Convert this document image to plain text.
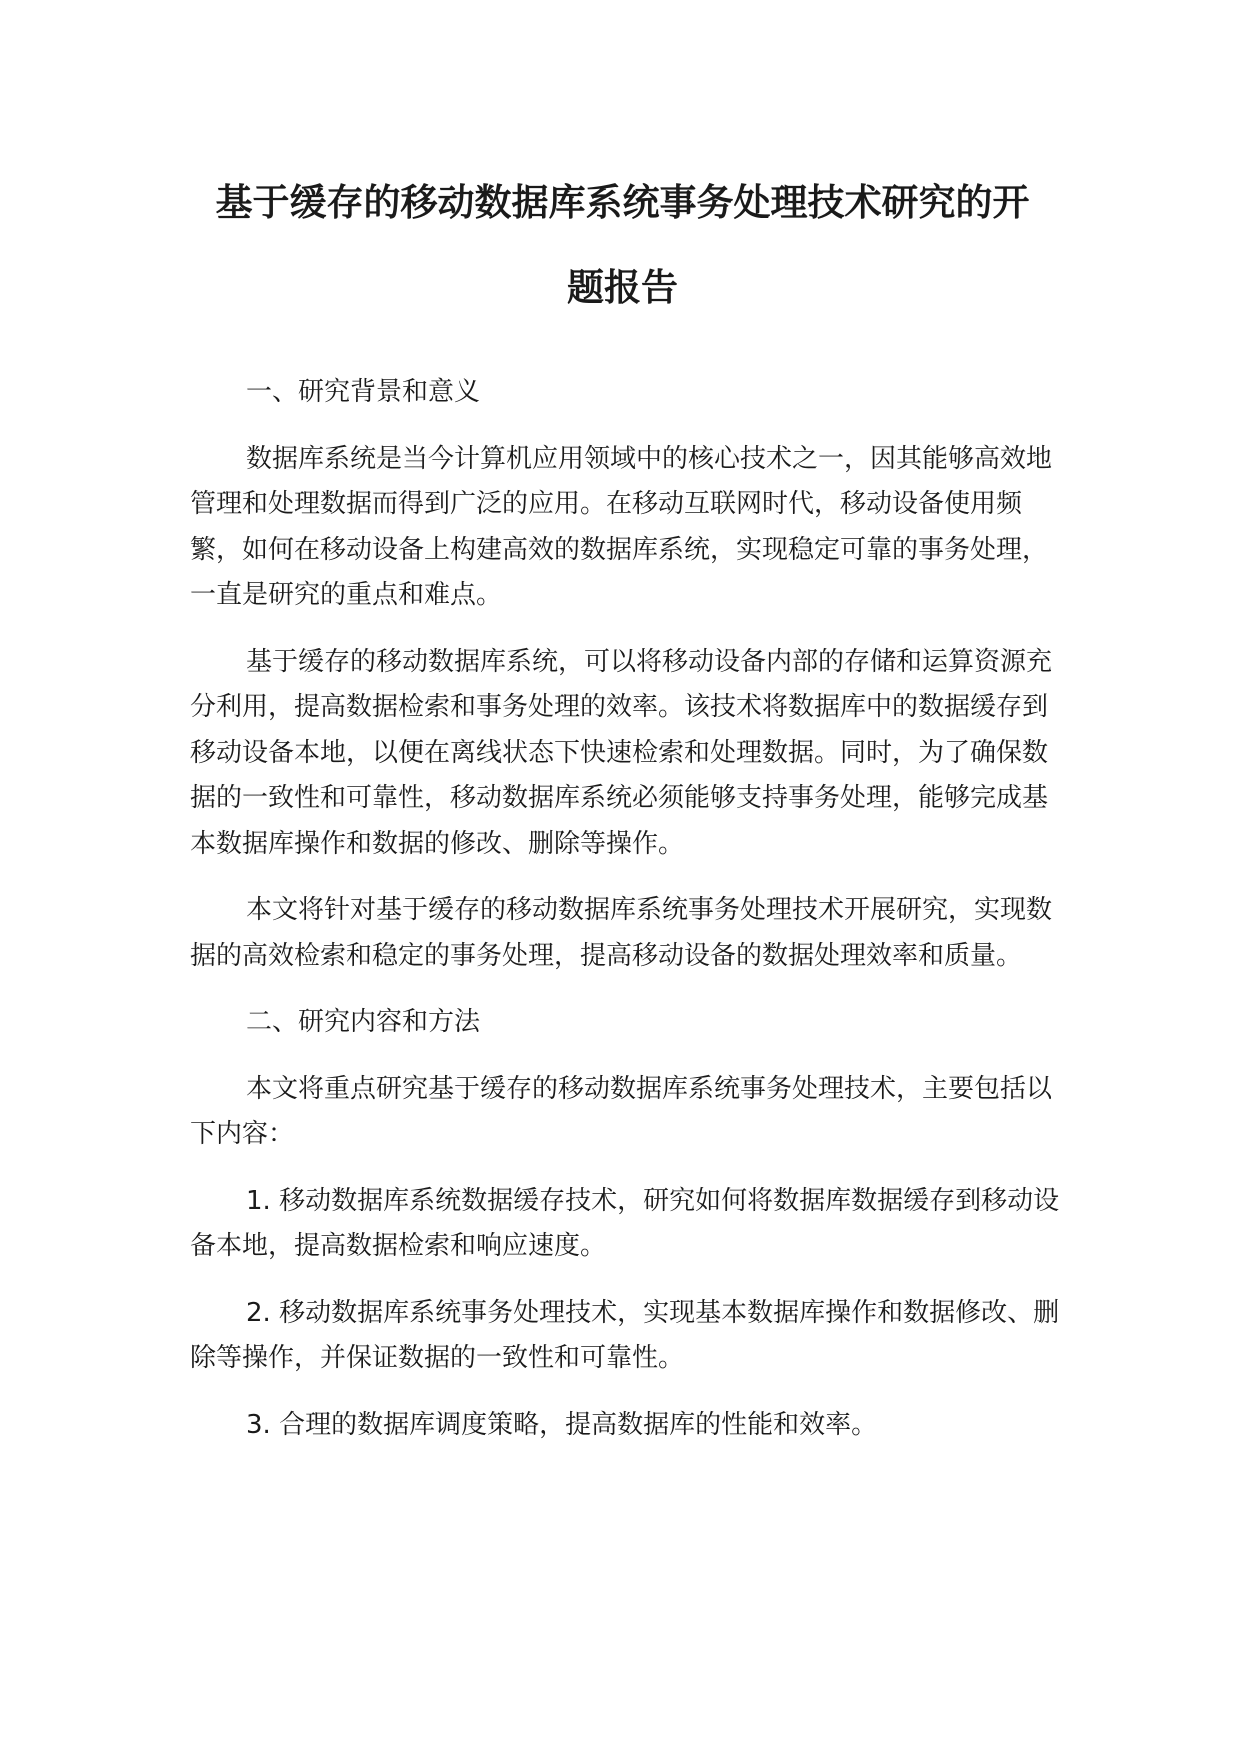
基于缓存的移动数据库系统事务处理技术研究的开
题报告

一、研究背景和意义

数据库系统是当今计算机应用领域中的核心技术之一，因其能够高效地管理和处理数据而得到广泛的应用。在移动互联网时代，移动设备使用频繁，如何在移动设备上构建高效的数据库系统，实现稳定可靠的事务处理，一直是研究的重点和难点。

基于缓存的移动数据库系统，可以将移动设备内部的存储和运算资源充分利用，提高数据检索和事务处理的效率。该技术将数据库中的数据缓存到移动设备本地，以便在离线状态下快速检索和处理数据。同时，为了确保数据的一致性和可靠性，移动数据库系统必须能够支持事务处理，能够完成基本数据库操作和数据的修改、删除等操作。

本文将针对基于缓存的移动数据库系统事务处理技术开展研究，实现数据的高效检索和稳定的事务处理，提高移动设备的数据处理效率和质量。

二、研究内容和方法

本文将重点研究基于缓存的移动数据库系统事务处理技术，主要包括以下内容：

1. 移动数据库系统数据缓存技术，研究如何将数据库数据缓存到移动设备本地，提高数据检索和响应速度。

2. 移动数据库系统事务处理技术，实现基本数据库操作和数据修改、删除等操作，并保证数据的一致性和可靠性。

3. 合理的数据库调度策略，提高数据库的性能和效率。
